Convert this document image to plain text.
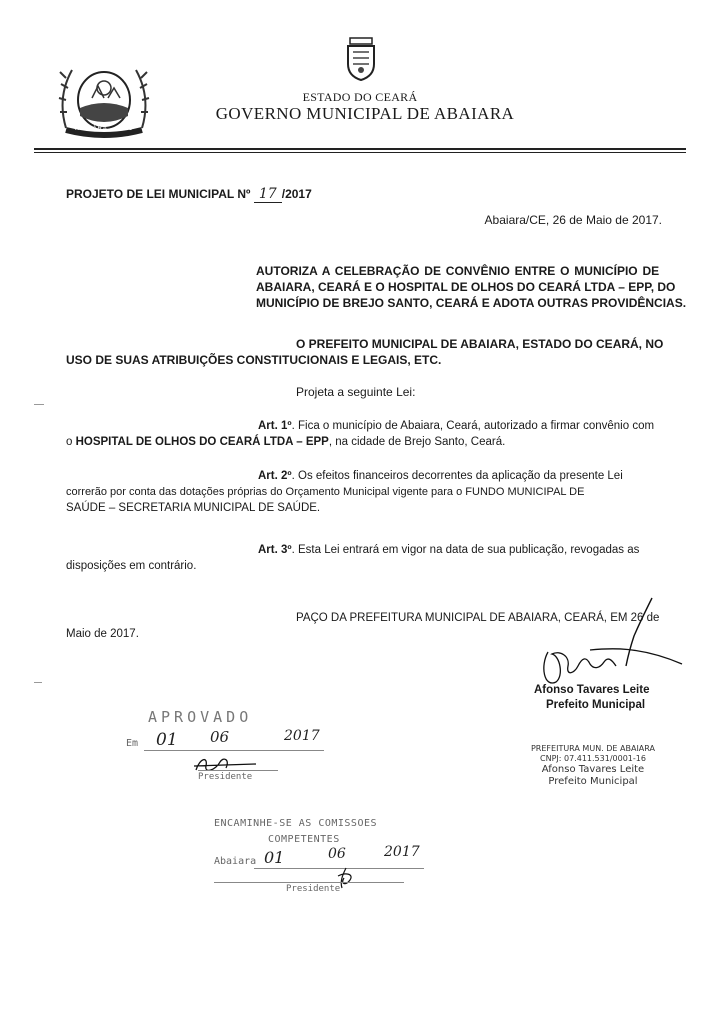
ABAIARA · 1958
ESTADO DO CEARÁ
GOVERNO MUNICIPAL DE ABAIARA
PROJETO DE LEI MUNICIPAL Nº 17 /2017
Abaiara/CE, 26 de Maio de 2017.
AUTORIZA A CELEBRAÇÃO DE CONVÊNIO ENTRE O MUNICÍPIO DE
ABAIARA, CEARÁ E O HOSPITAL DE OLHOS DO CEARÁ LTDA – EPP, DO
MUNICÍPIO DE BREJO SANTO, CEARÁ E ADOTA OUTRAS PROVIDÊNCIAS.
O PREFEITO MUNICIPAL DE ABAIARA, ESTADO DO CEARÁ, NO
USO DE SUAS ATRIBUIÇÕES CONSTITUCIONAIS E LEGAIS, ETC.
Projeta a seguinte Lei:
Art. 1º. Fica o município de Abaiara, Ceará, autorizado a firmar convênio com
o HOSPITAL DE OLHOS DO CEARÁ LTDA – EPP, na cidade de Brejo Santo, Ceará.
Art. 2º. Os efeitos financeiros decorrentes da aplicação da presente Lei
correrão por conta das dotações próprias do Orçamento Municipal vigente para o FUNDO MUNICIPAL DE
SAÚDE – SECRETARIA MUNICIPAL DE SAÚDE.
Art. 3º. Esta Lei entrará em vigor na data de sua publicação, revogadas as
disposições em contrário.
PAÇO DA PREFEITURA MUNICIPAL DE ABAIARA, CEARÁ, EM 26 de
Maio de 2017.
Afonso Tavares Leite
Prefeito Municipal
PREFEITURA MUN. DE ABAIARA
CNPJ: 07.411.531/0001-16
Afonso Tavares Leite
Prefeito Municipal
APROVADO
Em 01 06	2017
Presidente
ENCAMINHE-SE AS COMISSOES
COMPETENTES
Abaiara 01	06	2017
Presidente
